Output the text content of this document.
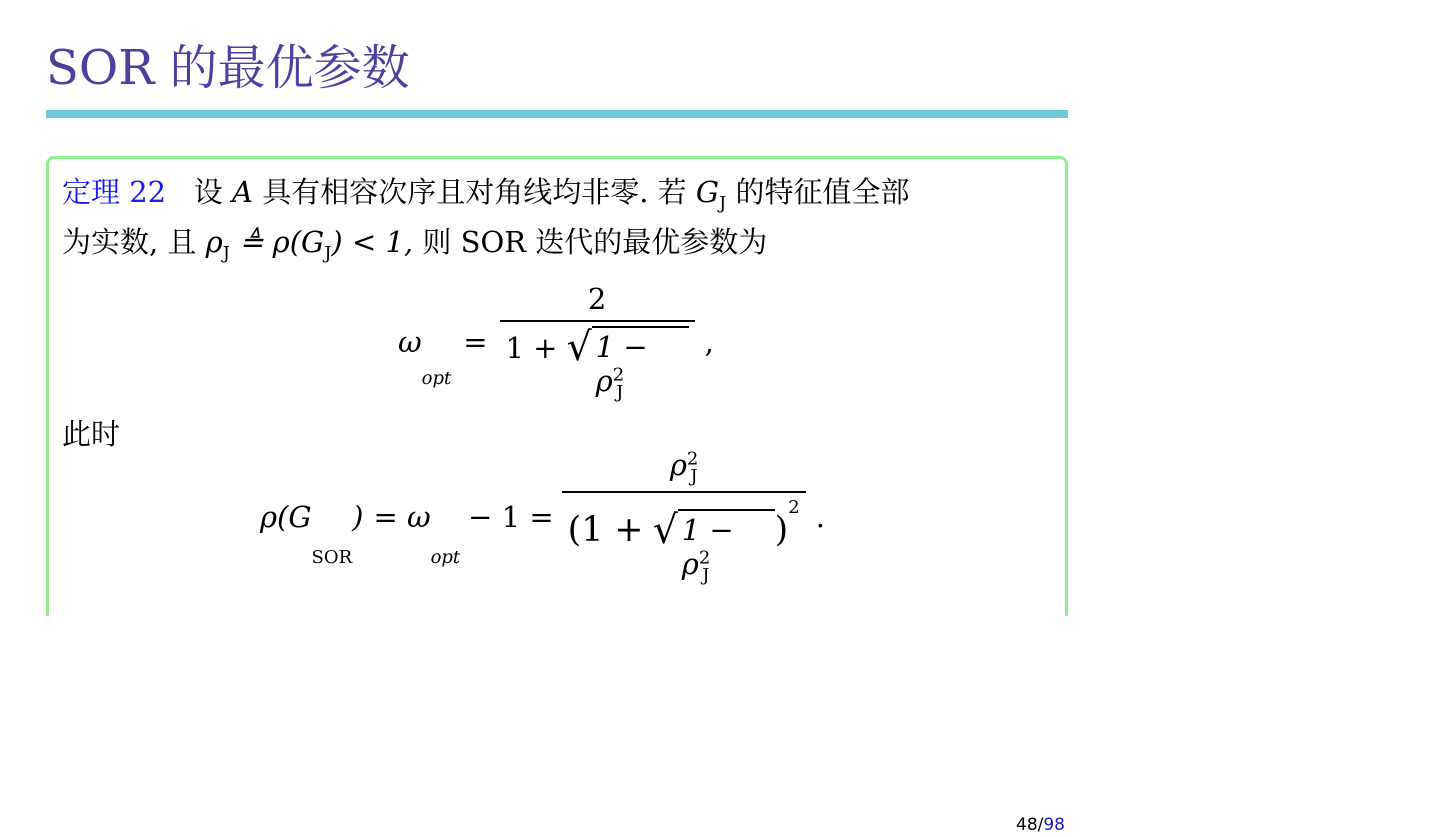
SOR 的最优参数
定理 22 设 A 具有相容次序且对角线均非零. 若 $G_J$ 的特征值全部
为实数, 且 $\rho_J$ ≜ $\rho(G_J) < 1$, 则 SOR 迭代的最优参数为
ω
opt
= $\frac{2}{1 + √ 1 - \rho^2_J}$ ,
此时
ρ(G
SOR
) = ω
opt
− $1 = \rho^2_J$
(1 + √ $1 - \rho^2_J$
)$^2$ .
48/98
